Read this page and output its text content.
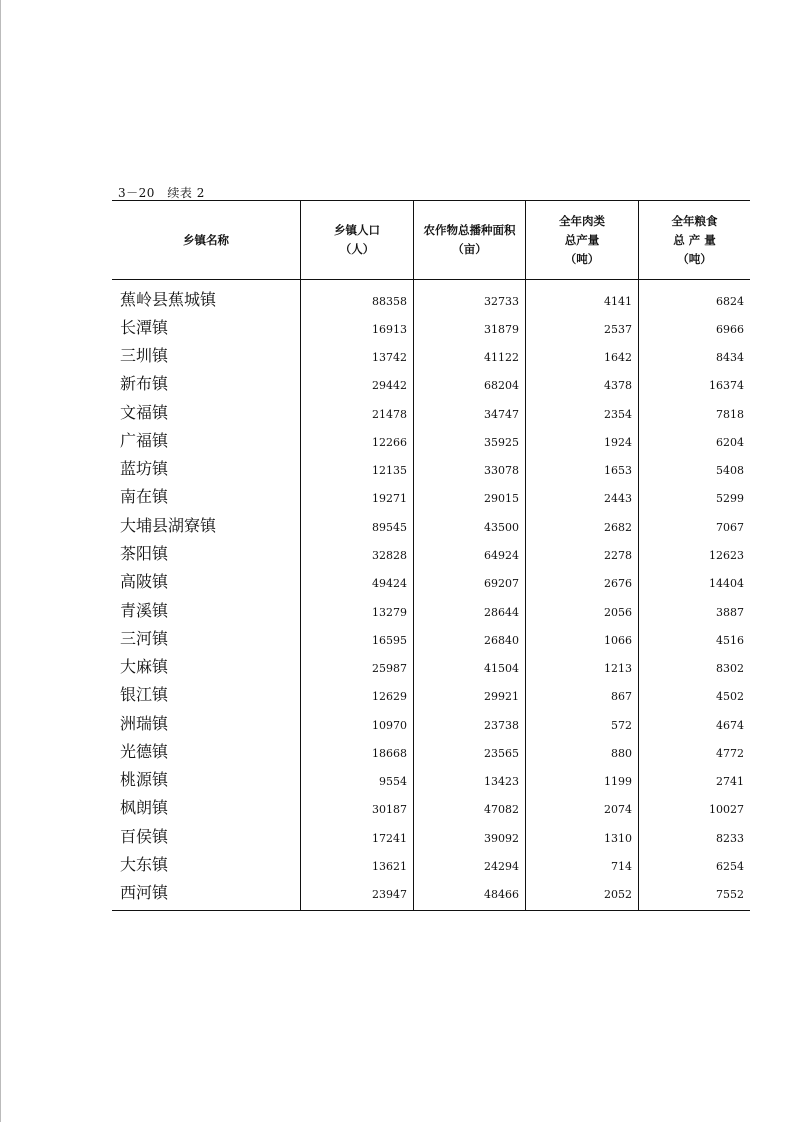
3－20　续表 2
乡镇名称
乡镇人口
（人）
农作物总播种面积
（亩）
全年肉类
总产量
（吨）
全年粮食
总 产 量
（吨）
蕉岭县蕉城镇
长潭镇
三圳镇
新布镇
文福镇
广福镇
蓝坊镇
南在镇
大埔县湖寮镇
茶阳镇
高陂镇
青溪镇
三河镇
大麻镇
银江镇
洲瑞镇
光德镇
桃源镇
枫朗镇
百侯镇
大东镇
西河镇
88358
16913
13742
29442
21478
12266
12135
19271
89545
32828
49424
13279
16595
25987
12629
10970
18668
9554
30187
17241
13621
23947
32733
31879
41122
68204
34747
35925
33078
29015
43500
64924
69207
28644
26840
41504
29921
23738
23565
13423
47082
39092
24294
48466
4141
2537
1642
4378
2354
1924
1653
2443
2682
2278
2676
2056
1066
1213
867
572
880
1199
2074
1310
714
2052
6824
6966
8434
16374
7818
6204
5408
5299
7067
12623
14404
3887
4516
8302
4502
4674
4772
2741
10027
8233
6254
7552
